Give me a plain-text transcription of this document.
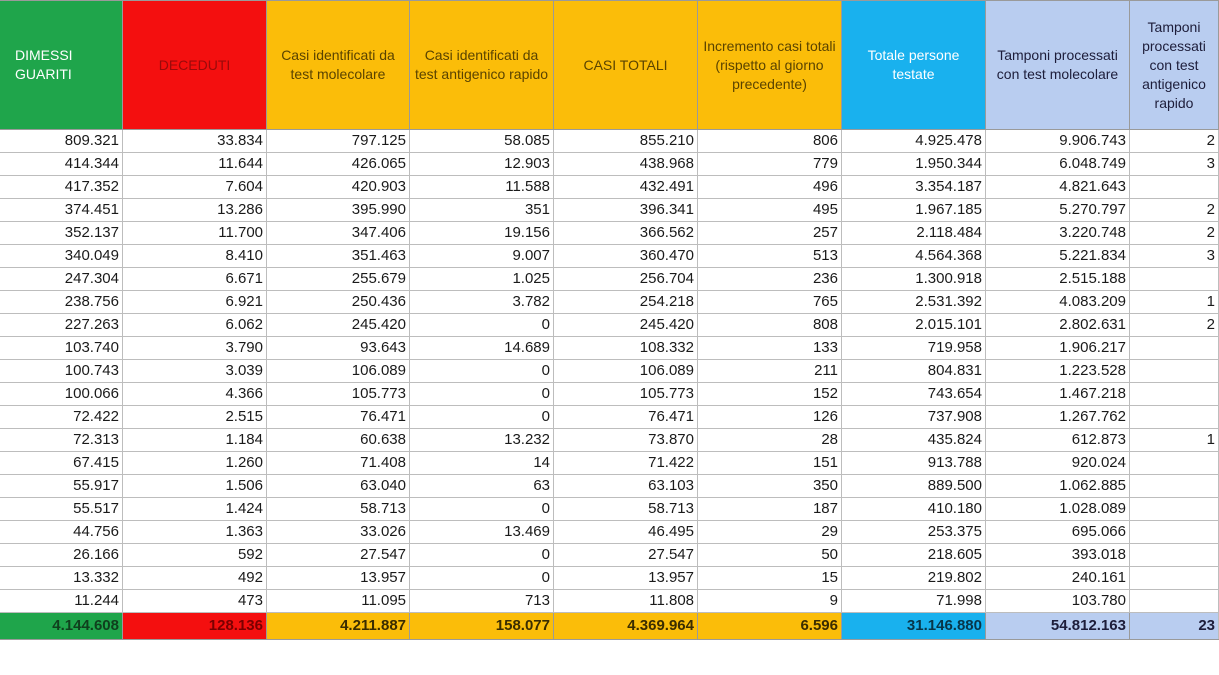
DIMESSI
GUARITI	DECEDUTI	Casi identificati da test molecolare	Casi identificati da test antigenico rapido	CASI TOTALI	Incremento casi totali (rispetto al giorno precedente)	Totale persone testate	Tamponi processati con test molecolare	Tamponi processati con test antigenico rapido
809.321	33.834	797.125	58.085	855.210	806	4.925.478	9.906.743	2
414.344	11.644	426.065	12.903	438.968	779	1.950.344	6.048.749	3
417.352	7.604	420.903	11.588	432.491	496	3.354.187	4.821.643	
374.451	13.286	395.990	351	396.341	495	1.967.185	5.270.797	2
352.137	11.700	347.406	19.156	366.562	257	2.118.484	3.220.748	2
340.049	8.410	351.463	9.007	360.470	513	4.564.368	5.221.834	3
247.304	6.671	255.679	1.025	256.704	236	1.300.918	2.515.188	
238.756	6.921	250.436	3.782	254.218	765	2.531.392	4.083.209	1
227.263	6.062	245.420	0	245.420	808	2.015.101	2.802.631	2
103.740	3.790	93.643	14.689	108.332	133	719.958	1.906.217	
100.743	3.039	106.089	0	106.089	211	804.831	1.223.528	
100.066	4.366	105.773	0	105.773	152	743.654	1.467.218	
72.422	2.515	76.471	0	76.471	126	737.908	1.267.762	
72.313	1.184	60.638	13.232	73.870	28	435.824	612.873	1
67.415	1.260	71.408	14	71.422	151	913.788	920.024	
55.917	1.506	63.040	63	63.103	350	889.500	1.062.885	
55.517	1.424	58.713	0	58.713	187	410.180	1.028.089	
44.756	1.363	33.026	13.469	46.495	29	253.375	695.066	
26.166	592	27.547	0	27.547	50	218.605	393.018	
13.332	492	13.957	0	13.957	15	219.802	240.161	
11.244	473	11.095	713	11.808	9	71.998	103.780	
4.144.608	128.136	4.211.887	158.077	4.369.964	6.596	31.146.880	54.812.163	23
